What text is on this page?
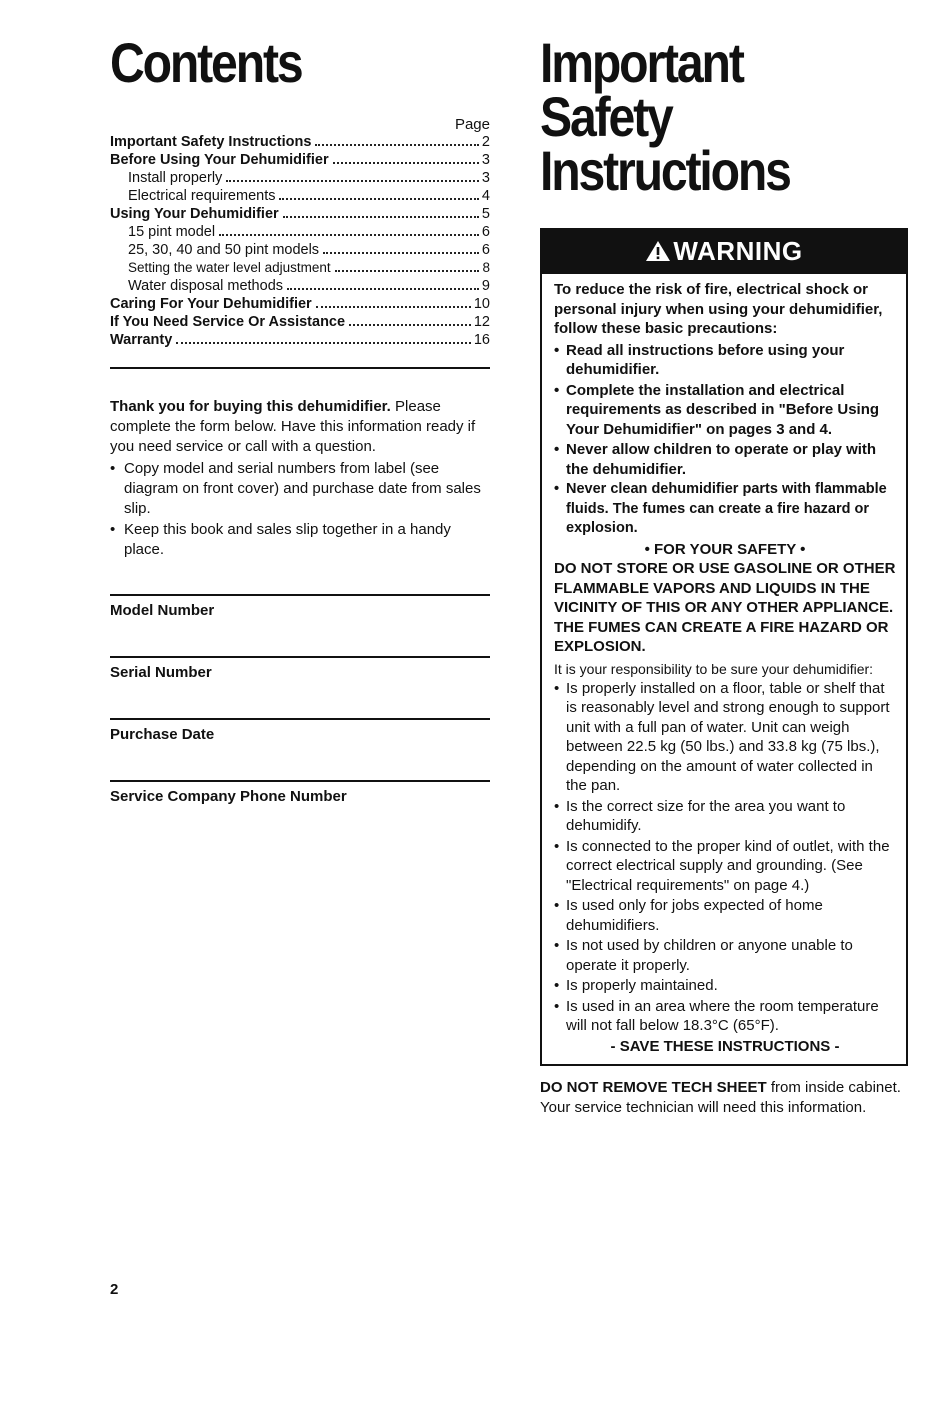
Contents
Page
Important Safety Instructions	2
Before Using Your Dehumidifier	3
Install properly	3
Electrical requirements	4
Using Your Dehumidifier	5
15 pint model	6
25, 30, 40 and 50 pint models	6
Setting the water level adjustment	8
Water disposal methods	9
Caring For Your Dehumidifier	10
If You Need Service Or Assistance	12
Warranty	16
Thank you for buying this dehumidifier. Please complete the form below. Have this information ready if you need service or call with a question.
• Copy model and serial numbers from label (see diagram on front cover) and purchase date from sales slip.
• Keep this book and sales slip together in a handy place.
Model Number
Serial Number
Purchase Date
Service Company Phone Number
2
Important Safety
Instructions
WARNING
To reduce the risk of fire, electrical shock or personal injury when using your dehumidifier, follow these basic precautions:
• Read all instructions before using your dehumidifier.
• Complete the installation and electrical requirements as described in "Before Using Your Dehumidifier" on pages 3 and 4.
• Never allow children to operate or play with the dehumidifier.
• Never clean dehumidifier parts with flammable fluids. The fumes can create a fire hazard or explosion.
• FOR YOUR SAFETY •
DO NOT STORE OR USE GASOLINE OR OTHER FLAMMABLE VAPORS AND LIQUIDS IN THE VICINITY OF THIS OR ANY OTHER APPLIANCE. THE FUMES CAN CREATE A FIRE HAZARD OR EXPLOSION.
It is your responsibility to be sure your dehumidifier:
• Is properly installed on a floor, table or shelf that is reasonably level and strong enough to support unit with a full pan of water. Unit can weigh between 22.5 kg (50 lbs.) and 33.8 kg (75 lbs.), depending on the amount of water collected in the pan.
• Is the correct size for the area you want to dehumidify.
• Is connected to the proper kind of outlet, with the correct electrical supply and grounding. (See "Electrical requirements" on page 4.)
• Is used only for jobs expected of home dehumidifiers.
• Is not used by children or anyone unable to operate it properly.
• Is properly maintained.
• Is used in an area where the room temperature will not fall below 18.3°C (65°F).
- SAVE THESE INSTRUCTIONS -
DO NOT REMOVE TECH SHEET from inside cabinet. Your service technician will need this information.
